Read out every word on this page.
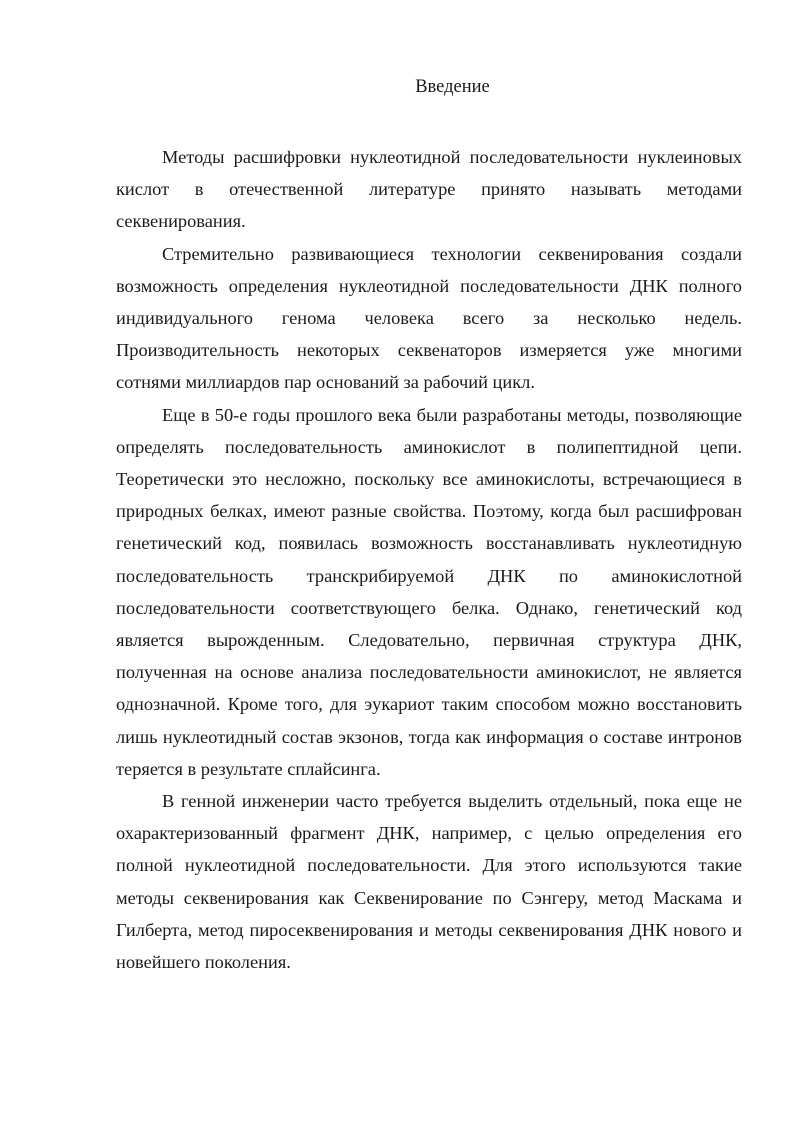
Введение

Методы расшифровки нуклеотидной последовательности нуклеиновых кислот в отечественной литературе принято называть методами секвенирования.

Стремительно развивающиеся технологии секвенирования создали возможность определения нуклеотидной последовательности ДНК полного индивидуального генома человека всего за несколько недель. Производительность некоторых секвенаторов измеряется уже многими сотнями миллиардов пар оснований за рабочий цикл.

Еще в 50-е годы прошлого века были разработаны методы, позволяющие определять последовательность аминокислот в полипептидной цепи. Теоретически это несложно, поскольку все аминокислоты, встречающиеся в природных белках, имеют разные свойства. Поэтому, когда был расшифрован генетический код, появилась возможность восстанавливать нуклеотидную последовательность транскрибируемой ДНК по аминокислотной последовательности соответствующего белка. Однако, генетический код является вырожденным. Следовательно, первичная структура ДНК, полученная на основе анализа последовательности аминокислот, не является однозначной. Кроме того, для эукариот таким способом можно восстановить лишь нуклеотидный состав экзонов, тогда как информация о составе интронов теряется в результате сплайсинга.

В генной инженерии часто требуется выделить отдельный, пока еще не охарактеризованный фрагмент ДНК, например, с целью определения его полной нуклеотидной последовательности. Для этого используются такие методы секвенирования как Секвенирование по Сэнгеру, метод Маскама и Гилберта, метод пиросеквенирования и методы секвенирования ДНК нового и новейшего поколения.
